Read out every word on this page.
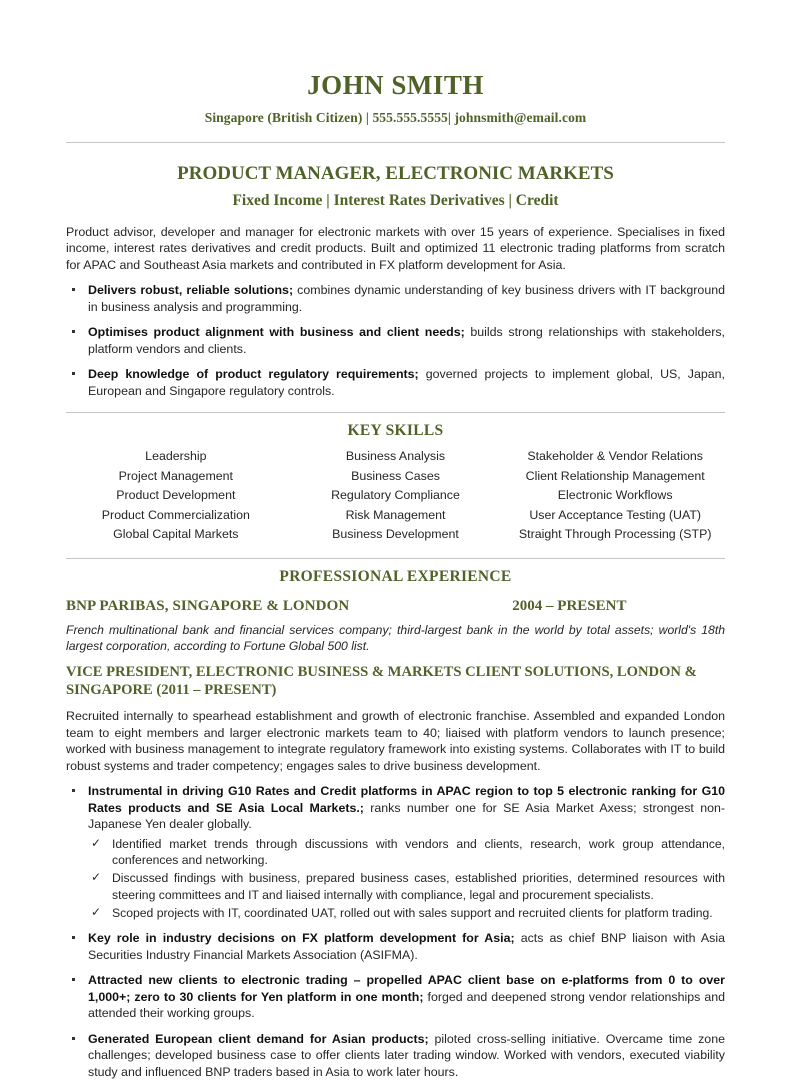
JOHN SMITH
Singapore (British Citizen) | 555.555.5555| johnsmith@email.com
PRODUCT MANAGER, ELECTRONIC MARKETS
Fixed Income | Interest Rates Derivatives | Credit

Product advisor, developer and manager for electronic markets with over 15 years of experience. Specialises in fixed income, interest rates derivatives and credit products. Built and optimized 11 electronic trading platforms from scratch for APAC and Southeast Asia markets and contributed in FX platform development for Asia.

Delivers robust, reliable solutions; combines dynamic understanding of key business drivers with IT background in business analysis and programming.
Optimises product alignment with business and client needs; builds strong relationships with stakeholders, platform vendors and clients.
Deep knowledge of product regulatory requirements; governed projects to implement global, US, Japan, European and Singapore regulatory controls.
KEY SKILLS
Leadership
Project Management
Product Development
Product Commercialization
Global Capital Markets
Business Analysis
Business Cases
Regulatory Compliance
Risk Management
Business Development
Stakeholder & Vendor Relations
Client Relationship Management
Electronic Workflows
User Acceptance Testing (UAT)
Straight Through Processing (STP)
PROFESSIONAL EXPERIENCE
BNP PARIBAS, SINGAPORE & LONDON	2004 – PRESENT

French multinational bank and financial services company; third-largest bank in the world by total assets; world's 18th largest corporation, according to Fortune Global 500 list.

VICE PRESIDENT, ELECTRONIC BUSINESS & MARKETS CLIENT SOLUTIONS, LONDON & SINGAPORE (2011 – PRESENT)

Recruited internally to spearhead establishment and growth of electronic franchise. Assembled and expanded London team to eight members and larger electronic markets team to 40; liaised with platform vendors to launch presence; worked with business management to integrate regulatory framework into existing systems. Collaborates with IT to build robust systems and trader competency; engages sales to drive business development.

Instrumental in driving G10 Rates and Credit platforms in APAC region to top 5 electronic ranking for G10 Rates products and SE Asia Local Markets.; ranks number one for SE Asia Market Axess; strongest non-Japanese Yen dealer globally.
✓ Identified market trends through discussions with vendors and clients, research, work group attendance, conferences and networking.
✓ Discussed findings with business, prepared business cases, established priorities, determined resources with steering committees and IT and liaised internally with compliance, legal and procurement specialists.
✓ Scoped projects with IT, coordinated UAT, rolled out with sales support and recruited clients for platform trading.
Key role in industry decisions on FX platform development for Asia; acts as chief BNP liaison with Asia Securities Industry Financial Markets Association (ASIFMA).
Attracted new clients to electronic trading – propelled APAC client base on e-platforms from 0 to over 1,000+; zero to 30 clients for Yen platform in one month; forged and deepened strong vendor relationships and attended their working groups.
Generated European client demand for Asian products; piloted cross-selling initiative. Overcame time zone challenges; developed business case to offer clients later trading window. Worked with vendors, executed viability study and influenced BNP traders based in Asia to work later hours.
